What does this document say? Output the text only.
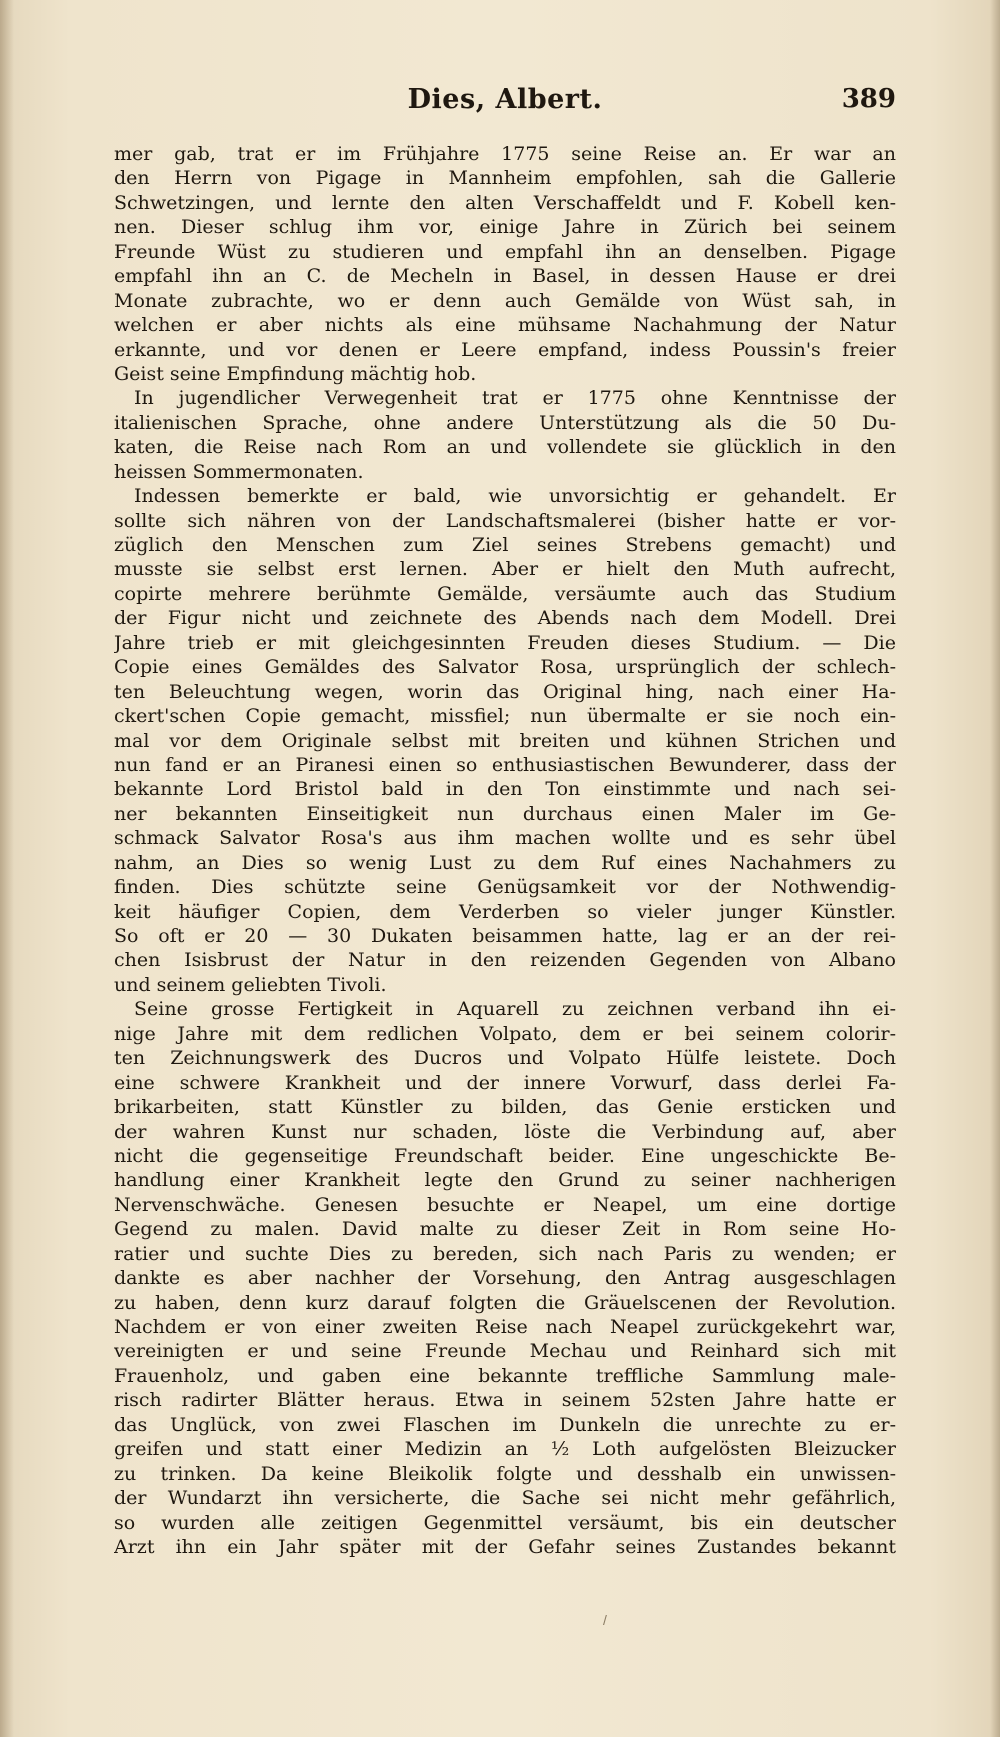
Dies, Albert.	389
mer gab, trat er im Frühjahre 1775 seine Reise an. Er war an
den Herrn von Pigage in Mannheim empfohlen, sah die Gallerie
Schwetzingen, und lernte den alten Verschaffeldt und F. Kobell ken-
nen. Dieser schlug ihm vor, einige Jahre in Zürich bei seinem
Freunde Wüst zu studieren und empfahl ihn an denselben. Pigage
empfahl ihn an C. de Mecheln in Basel, in dessen Hause er drei
Monate zubrachte, wo er denn auch Gemälde von Wüst sah, in
welchen er aber nichts als eine mühsame Nachahmung der Natur
erkannte, und vor denen er Leere empfand, indess Poussin's freier
Geist seine Empfindung mächtig hob.
In jugendlicher Verwegenheit trat er 1775 ohne Kenntnisse der
italienischen Sprache, ohne andere Unterstützung als die 50 Du-
katen, die Reise nach Rom an und vollendete sie glücklich in den
heissen Sommermonaten.
Indessen bemerkte er bald, wie unvorsichtig er gehandelt. Er
sollte sich nähren von der Landschaftsmalerei (bisher hatte er vor-
züglich den Menschen zum Ziel seines Strebens gemacht) und
musste sie selbst erst lernen. Aber er hielt den Muth aufrecht,
copirte mehrere berühmte Gemälde, versäumte auch das Studium
der Figur nicht und zeichnete des Abends nach dem Modell. Drei
Jahre trieb er mit gleichgesinnten Freuden dieses Studium. — Die
Copie eines Gemäldes des Salvator Rosa, ursprünglich der schlech-
ten Beleuchtung wegen, worin das Original hing, nach einer Ha-
ckert'schen Copie gemacht, missfiel; nun übermalte er sie noch ein-
mal vor dem Originale selbst mit breiten und kühnen Strichen und
nun fand er an Piranesi einen so enthusiastischen Bewunderer, dass der
bekannte Lord Bristol bald in den Ton einstimmte und nach sei-
ner bekannten Einseitigkeit nun durchaus einen Maler im Ge-
schmack Salvator Rosa's aus ihm machen wollte und es sehr übel
nahm, an Dies so wenig Lust zu dem Ruf eines Nachahmers zu
finden. Dies schützte seine Genügsamkeit vor der Nothwendig-
keit häufiger Copien, dem Verderben so vieler junger Künstler.
So oft er 20 — 30 Dukaten beisammen hatte, lag er an der rei-
chen Isisbrust der Natur in den reizenden Gegenden von Albano
und seinem geliebten Tivoli.
Seine grosse Fertigkeit in Aquarell zu zeichnen verband ihn ei-
nige Jahre mit dem redlichen Volpato, dem er bei seinem colorir-
ten Zeichnungswerk des Ducros und Volpato Hülfe leistete. Doch
eine schwere Krankheit und der innere Vorwurf, dass derlei Fa-
brikarbeiten, statt Künstler zu bilden, das Genie ersticken und
der wahren Kunst nur schaden, löste die Verbindung auf, aber
nicht die gegenseitige Freundschaft beider. Eine ungeschickte Be-
handlung einer Krankheit legte den Grund zu seiner nachherigen
Nervenschwäche. Genesen besuchte er Neapel, um eine dortige
Gegend zu malen. David malte zu dieser Zeit in Rom seine Ho-
ratier und suchte Dies zu bereden, sich nach Paris zu wenden; er
dankte es aber nachher der Vorsehung, den Antrag ausgeschlagen
zu haben, denn kurz darauf folgten die Gräuelscenen der Revolution.
Nachdem er von einer zweiten Reise nach Neapel zurückgekehrt war,
vereinigten er und seine Freunde Mechau und Reinhard sich mit
Frauenholz, und gaben eine bekannte treffliche Sammlung male-
risch radirter Blätter heraus. Etwa in seinem 52sten Jahre hatte er
das Unglück, von zwei Flaschen im Dunkeln die unrechte zu er-
greifen und statt einer Medizin an ½ Loth aufgelösten Bleizucker
zu trinken. Da keine Bleikolik folgte und desshalb ein unwissen-
der Wundarzt ihn versicherte, die Sache sei nicht mehr gefährlich,
so wurden alle zeitigen Gegenmittel versäumt, bis ein deutscher
Arzt ihn ein Jahr später mit der Gefahr seines Zustandes bekannt
/
